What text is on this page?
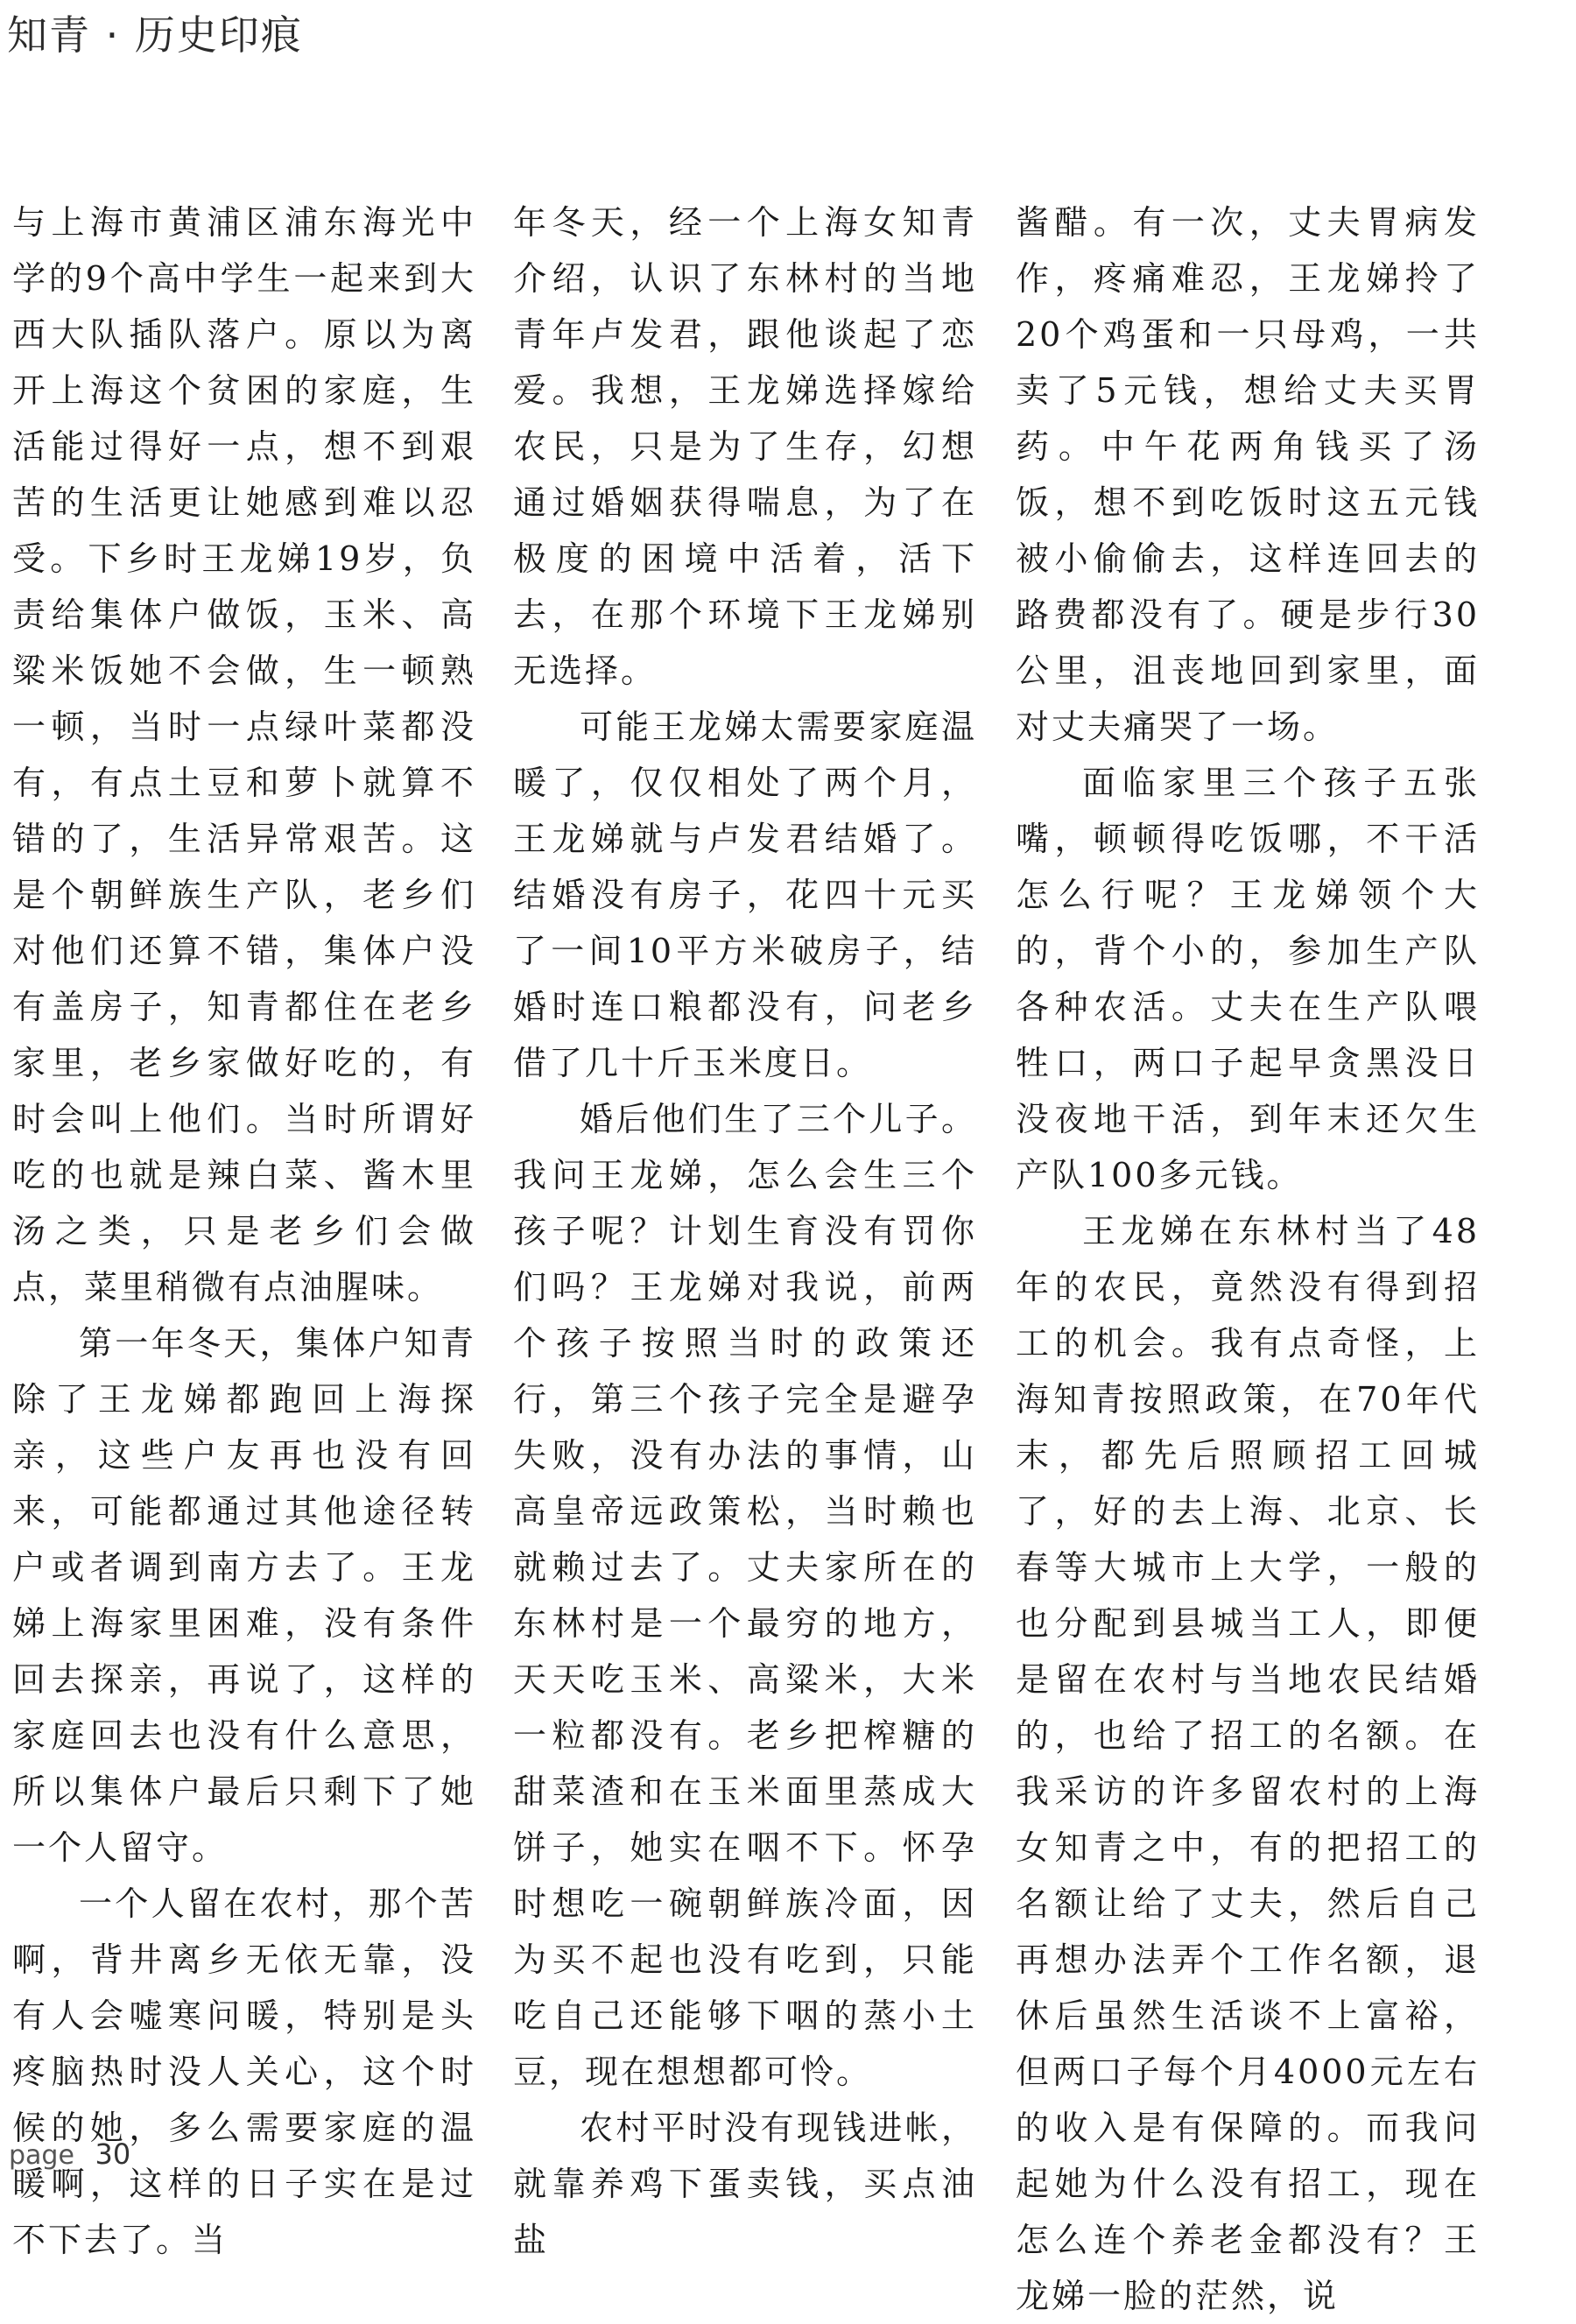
知青 · 历史印痕

与上海市黄浦区浦东海光中学的9个高中学生一起来到大西大队插队落户。原以为离开上海这个贫困的家庭，生活能过得好一点，想不到艰苦的生活更让她感到难以忍受。下乡时王龙娣19岁，负责给集体户做饭，玉米、高粱米饭她不会做，生一顿熟一顿，当时一点绿叶菜都没有，有点土豆和萝卜就算不错的了，生活异常艰苦。这是个朝鲜族生产队，老乡们对他们还算不错，集体户没有盖房子，知青都住在老乡家里，老乡家做好吃的，有时会叫上他们。当时所谓好吃的也就是辣白菜、酱木里汤之类，只是老乡们会做点，菜里稍微有点油腥味。

第一年冬天，集体户知青除了王龙娣都跑回上海探亲，这些户友再也没有回来，可能都通过其他途径转户或者调到南方去了。王龙娣上海家里困难，没有条件回去探亲，再说了，这样的家庭回去也没有什么意思，所以集体户最后只剩下了她一个人留守。

一个人留在农村，那个苦啊，背井离乡无依无靠，没有人会嘘寒问暖，特别是头疼脑热时没人关心，这个时候的她，多么需要家庭的温暖啊，这样的日子实在是过不下去了。当

年冬天，经一个上海女知青介绍，认识了东林村的当地青年卢发君，跟他谈起了恋爱。我想，王龙娣选择嫁给农民，只是为了生存，幻想通过婚姻获得喘息，为了在极度的困境中活着，活下去，在那个环境下王龙娣别无选择。

可能王龙娣太需要家庭温暖了，仅仅相处了两个月，王龙娣就与卢发君结婚了。结婚没有房子，花四十元买了一间10平方米破房子，结婚时连口粮都没有，问老乡借了几十斤玉米度日。

婚后他们生了三个儿子。我问王龙娣，怎么会生三个孩子呢？计划生育没有罚你们吗？王龙娣对我说，前两个孩子按照当时的政策还行，第三个孩子完全是避孕失败，没有办法的事情，山高皇帝远政策松，当时赖也就赖过去了。丈夫家所在的东林村是一个最穷的地方，天天吃玉米、高粱米，大米一粒都没有。老乡把榨糖的甜菜渣和在玉米面里蒸成大饼子，她实在咽不下。怀孕时想吃一碗朝鲜族冷面，因为买不起也没有吃到，只能吃自己还能够下咽的蒸小土豆，现在想想都可怜。

农村平时没有现钱进帐，就靠养鸡下蛋卖钱，买点油盐

酱醋。有一次，丈夫胃病发作，疼痛难忍，王龙娣拎了20个鸡蛋和一只母鸡，一共卖了5元钱，想给丈夫买胃药。中午花两角钱买了汤饭，想不到吃饭时这五元钱被小偷偷去，这样连回去的路费都没有了。硬是步行30公里，沮丧地回到家里，面对丈夫痛哭了一场。

面临家里三个孩子五张嘴，顿顿得吃饭哪，不干活怎么行呢？王龙娣领个大的，背个小的，参加生产队各种农活。丈夫在生产队喂牲口，两口子起早贪黑没日没夜地干活，到年末还欠生产队100多元钱。

王龙娣在东林村当了48年的农民，竟然没有得到招工的机会。我有点奇怪，上海知青按照政策，在70年代末，都先后照顾招工回城了，好的去上海、北京、长春等大城市上大学，一般的也分配到县城当工人，即便是留在农村与当地农民结婚的，也给了招工的名额。在我采访的许多留农村的上海女知青之中，有的把招工的名额让给了丈夫，然后自己再想办法弄个工作名额，退休后虽然生活谈不上富裕，但两口子每个月4000元左右的收入是有保障的。而我问起她为什么没有招工，现在怎么连个养老金都没有？王龙娣一脸的茫然，说

page 30
